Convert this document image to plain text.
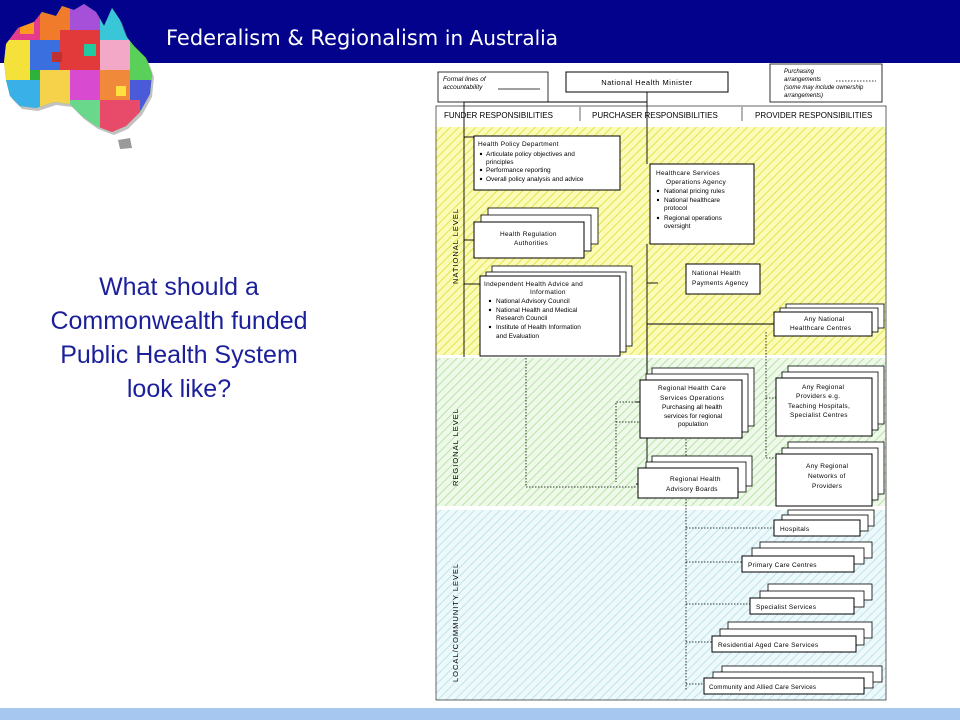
Federalism & Regionalism in Australia
What should a
Commonwealth funded
Public Health System
look like?
Formal lines of
accountability
National Health Minister
Purchasing
arrangements
(some may include ownership
arrangements)
FUNDER RESPONSIBILITIES	PURCHASER RESPONSIBILITIES	PROVIDER RESPONSIBILITIES
NATIONAL LEVEL
REGIONAL LEVEL
LOCAL/COMMUNITY LEVEL
Health Policy Department
Articulate policy objectives and
principles
Performance reporting
Overall policy analysis and advice
Health Regulation
Authorities
Independent Health Advice and
Information
National Advisory Council
National Health and Medical
Research Council
Institute of Health Information
and Evaluation
Healthcare Services
Operations Agency
National pricing rules
National healthcare
protocol
Regional operations
oversight
National Health
Payments Agency
Any National
Healthcare Centres
Regional Health Care
Services Operations
Purchasing all health
services for regional
population
Any Regional
Providers e.g.
Teaching Hospitals,
Specialist Centres
Regional Health
Advisory Boards
Any Regional
Networks of
Providers
Hospitals
Primary Care Centres
Specialist Services
Residential Aged Care Services
Community and Allied Care Services
